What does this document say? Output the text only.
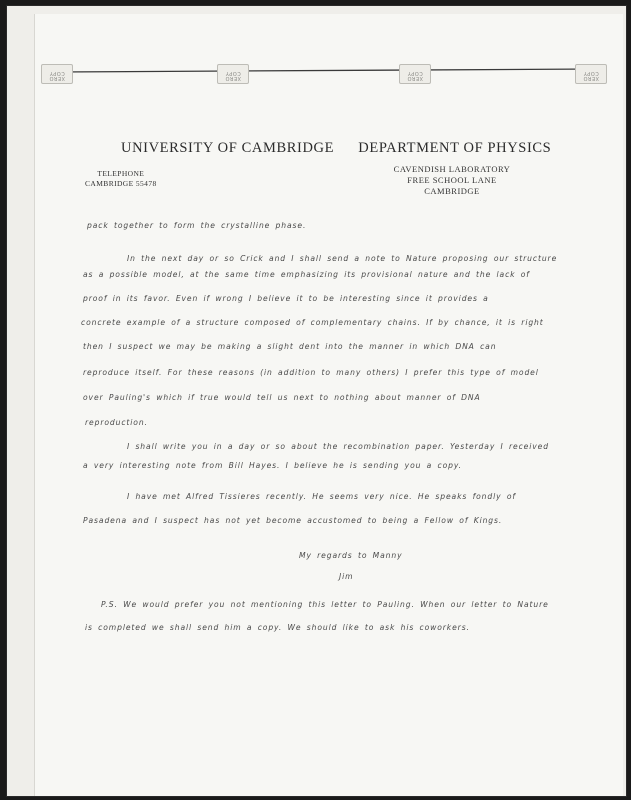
XERO COPY
XERO COPY
XERO COPY
XERO COPY
UNIVERSITY OF CAMBRIDGE DEPARTMENT OF PHYSICS
TELEPHONE
CAMBRIDGE 55478
CAVENDISH LABORATORY
FREE SCHOOL LANE
CAMBRIDGE
pack together to form the crystalline phase.
In the next day or so Crick and I shall send a note to Nature proposing our structure
as a possible model, at the same time emphasizing its provisional nature and the lack of
proof in its favor. Even if wrong I believe it to be interesting since it provides a
concrete example of a structure composed of complementary chains. If by chance, it is right
then I suspect we may be making a slight dent into the manner in which DNA can
reproduce itself. For these reasons (in addition to many others) I prefer this type of model
over Pauling's which if true would tell us next to nothing about manner of DNA
reproduction.
I shall write you in a day or so about the recombination paper. Yesterday I received
a very interesting note from Bill Hayes. I believe he is sending you a copy.
I have met Alfred Tissieres recently. He seems very nice. He speaks fondly of
Pasadena and I suspect has not yet become accustomed to being a Fellow of Kings.
My regards to Manny
Jim
P.S. We would prefer you not mentioning this letter to Pauling. When our letter to Nature
is completed we shall send him a copy. We should like to ask his coworkers.
